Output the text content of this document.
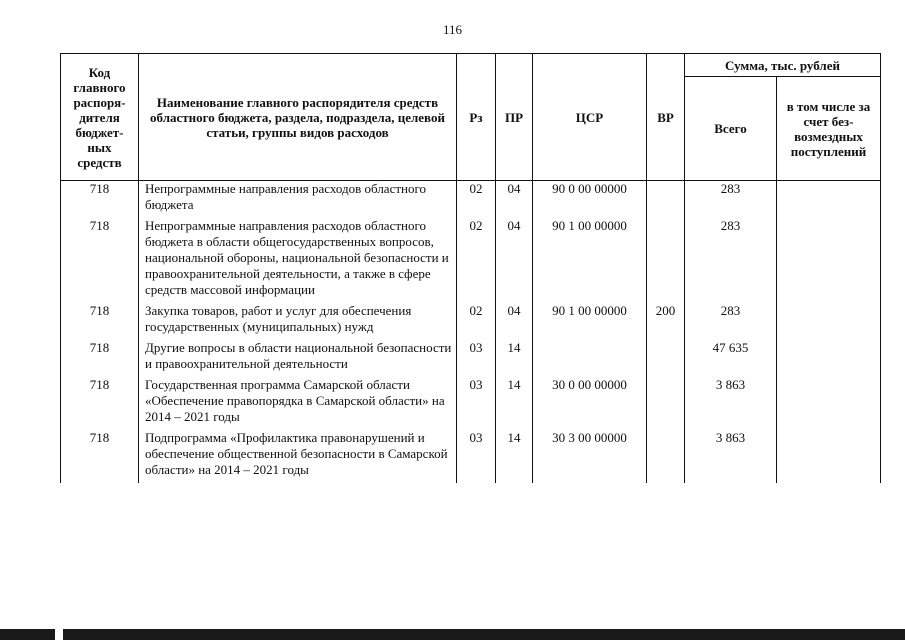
116
Код главного распоря-дителя бюджет-ных средств	Наименование главного распорядителя средств областного бюджета, раздела, подраздела, целевой статьи, группы видов расходов	Рз	ПР	ЦСР	ВР	Сумма, тыс. рублей	
						Всего	в том числе за счет без-возмездных поступлений
718	Непрограммные направления расходов областного бюджета	02	04	90 0 00 00000		283	
718	Непрограммные направления расходов областного бюджета в области общегосударственных вопросов, национальной обороны, национальной безопасности и правоохранительной деятельности, а также в сфере средств массовой информации	02	04	90 1 00 00000		283	
718	Закупка товаров, работ и услуг для обеспечения государственных (муниципальных) нужд	02	04	90 1 00 00000	200	283	
718	Другие вопросы в области национальной безопасности и правоохранительной деятельности	03	14			47 635	
718	Государственная программа Самарской области «Обеспечение правопорядка в Самарской области» на 2014 – 2021 годы	03	14	30 0 00 00000		3 863	
718	Подпрограмма «Профилактика правонарушений и обеспечение общественной безопасности в Самарской области» на 2014 – 2021 годы	03	14	30 3 00 00000		3 863	
